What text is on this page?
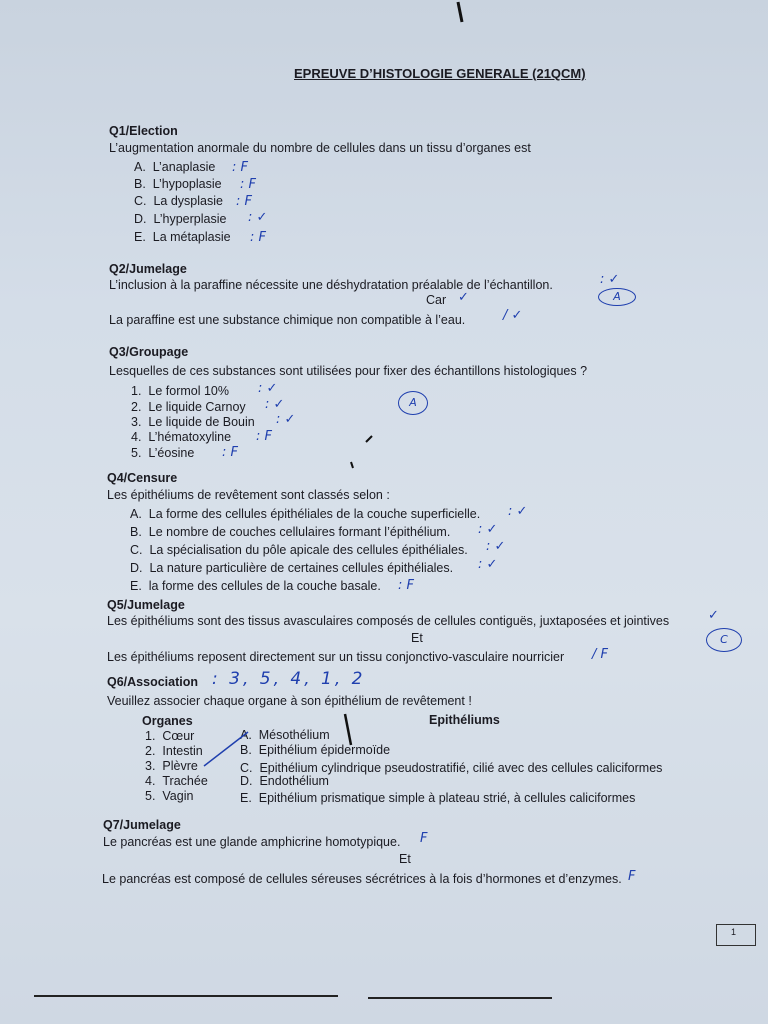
EPREUVE D’HISTOLOGIE GENERALE (21QCM)
Q1/Election
L’augmentation anormale du nombre de cellules dans un tissu d’organes est
A. L’anaplasie : F
B. L’hypoplasie : F
C. La dysplasie : F
D. L’hyperplasie : ✓
E. La métaplasie : F
Q2/Jumelage
L’inclusion à la paraffine nécessite une déshydratation préalable de l’échantillon.	: ✓
Car ✓	A
La paraffine est une substance chimique non compatible à l’eau.	/ ✓
Q3/Groupage
Lesquelles de ces substances sont utilisées pour fixer des échantillons histologiques ?
A
1. Le formol 10% : ✓
2. Le liquide Carnoy : ✓
3. Le liquide de Bouin : ✓
4. L’hématoxyline : F
5. L’éosine : F
Q4/Censure
Les épithéliums de revêtement sont classés selon :
A. La forme des cellules épithéliales de la couche superficielle. : ✓
B. Le nombre de couches cellulaires formant l’épithélium. : ✓
C. La spécialisation du pôle apicale des cellules épithéliales. : ✓
D. La nature particulière de certaines cellules épithéliales. : ✓
E. la forme des cellules de la couche basale. : F
Q5/Jumelage
Les épithéliums sont des tissus avasculaires composés de cellules contiguës, juxtaposées et jointives	✓
Et	C
Les épithéliums reposent directement sur un tissu conjonctivo-vasculaire nourricier / F
Q6/Association : 3, 5, 4, 1, 2
Veuillez associer chaque organe à son épithélium de revêtement !
Organes	Epithéliums
1. Cœur
2. Intestin
3. Plèvre
4. Trachée
5. Vagin
A. Mésothélium
B. Epithélium épidermoïde
C. Epithélium cylindrique pseudostratifié, cilié avec des cellules caliciformes
D. Endothélium
E. Epithélium prismatique simple à plateau strié, à cellules caliciformes
Q7/Jumelage
Le pancréas est une glande amphicrine homotypique. F
Et
Le pancréas est composé de cellules séreuses sécrétrices à la fois d’hormones et d’enzymes. F
1
